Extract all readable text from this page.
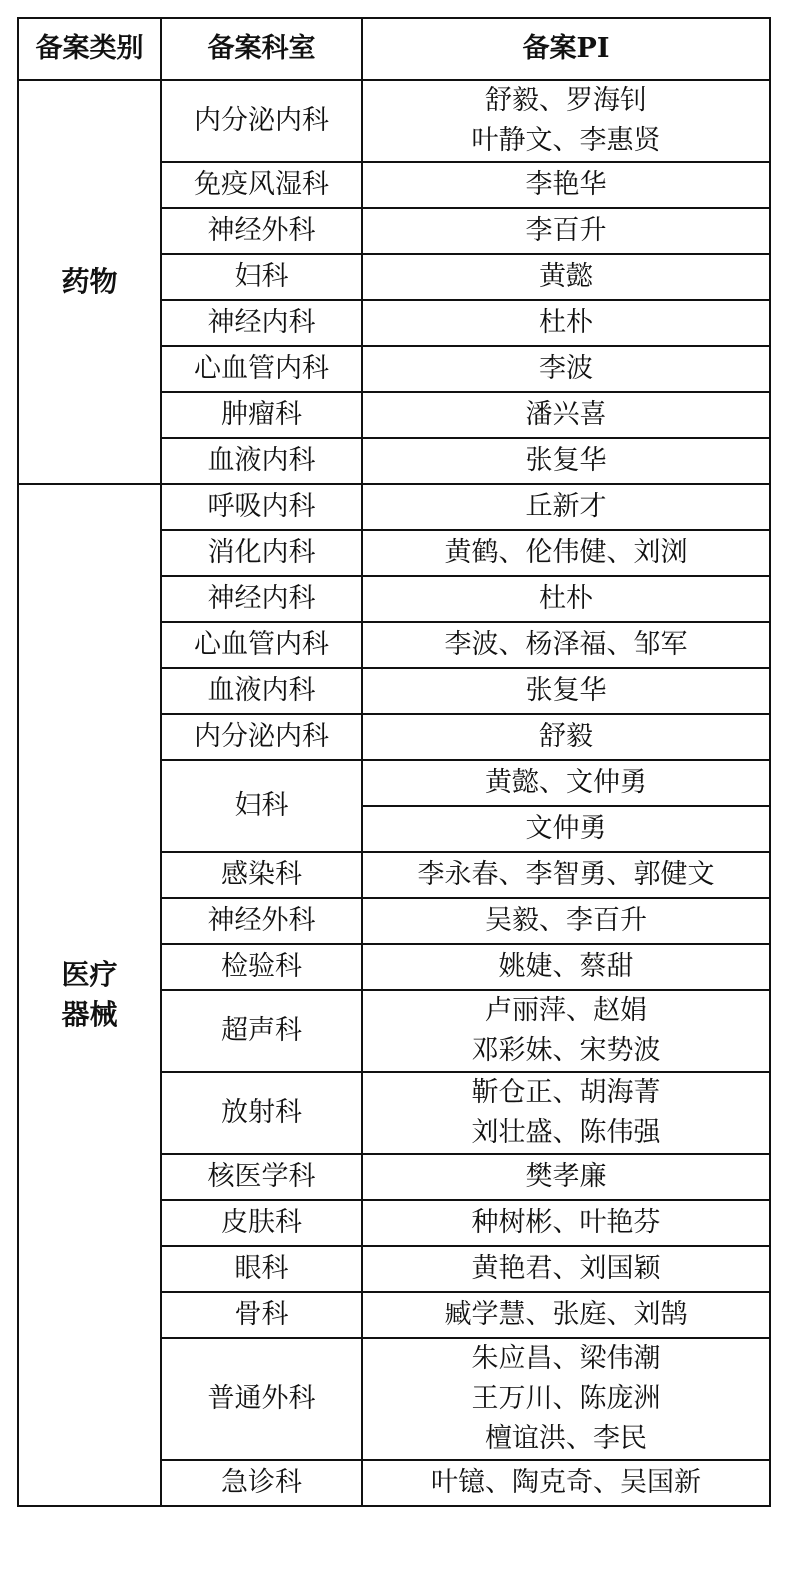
备案类别	备案科室	备案PI
药物	内分泌内科	舒毅、罗海钊
叶静文、李惠贤

	免疫风湿科	李艳华
	神经外科	李百升
	妇科	黄懿
	神经内科	杜朴
	心血管内科	李波
	肿瘤科	潘兴喜
	血液内科	张复华

医疗
器械	呼吸内科	丘新才
	消化内科	黄鹤、伦伟健、刘浏
	神经内科	杜朴
	心血管内科	李波、杨泽福、邹军
	血液内科	张复华
	内分泌内科	舒毅
	妇科	黄懿、文仲勇
		文仲勇
	感染科	李永春、李智勇、郭健文
	神经外科	吴毅、李百升
	检验科	姚婕、蔡甜
	超声科	卢丽萍、赵娟
邓彩妹、宋势波

	放射科	靳仓正、胡海菁
刘壮盛、陈伟强

	核医学科	樊孝廉
	皮肤科	种树彬、叶艳芬
	眼科	黄艳君、刘国颖
	骨科	臧学慧、张庭、刘鹄
	普通外科	朱应昌、梁伟潮
王万川、陈庞洲
檀谊洪、李民

	急诊科	叶镱、陶克奇、吴国新
